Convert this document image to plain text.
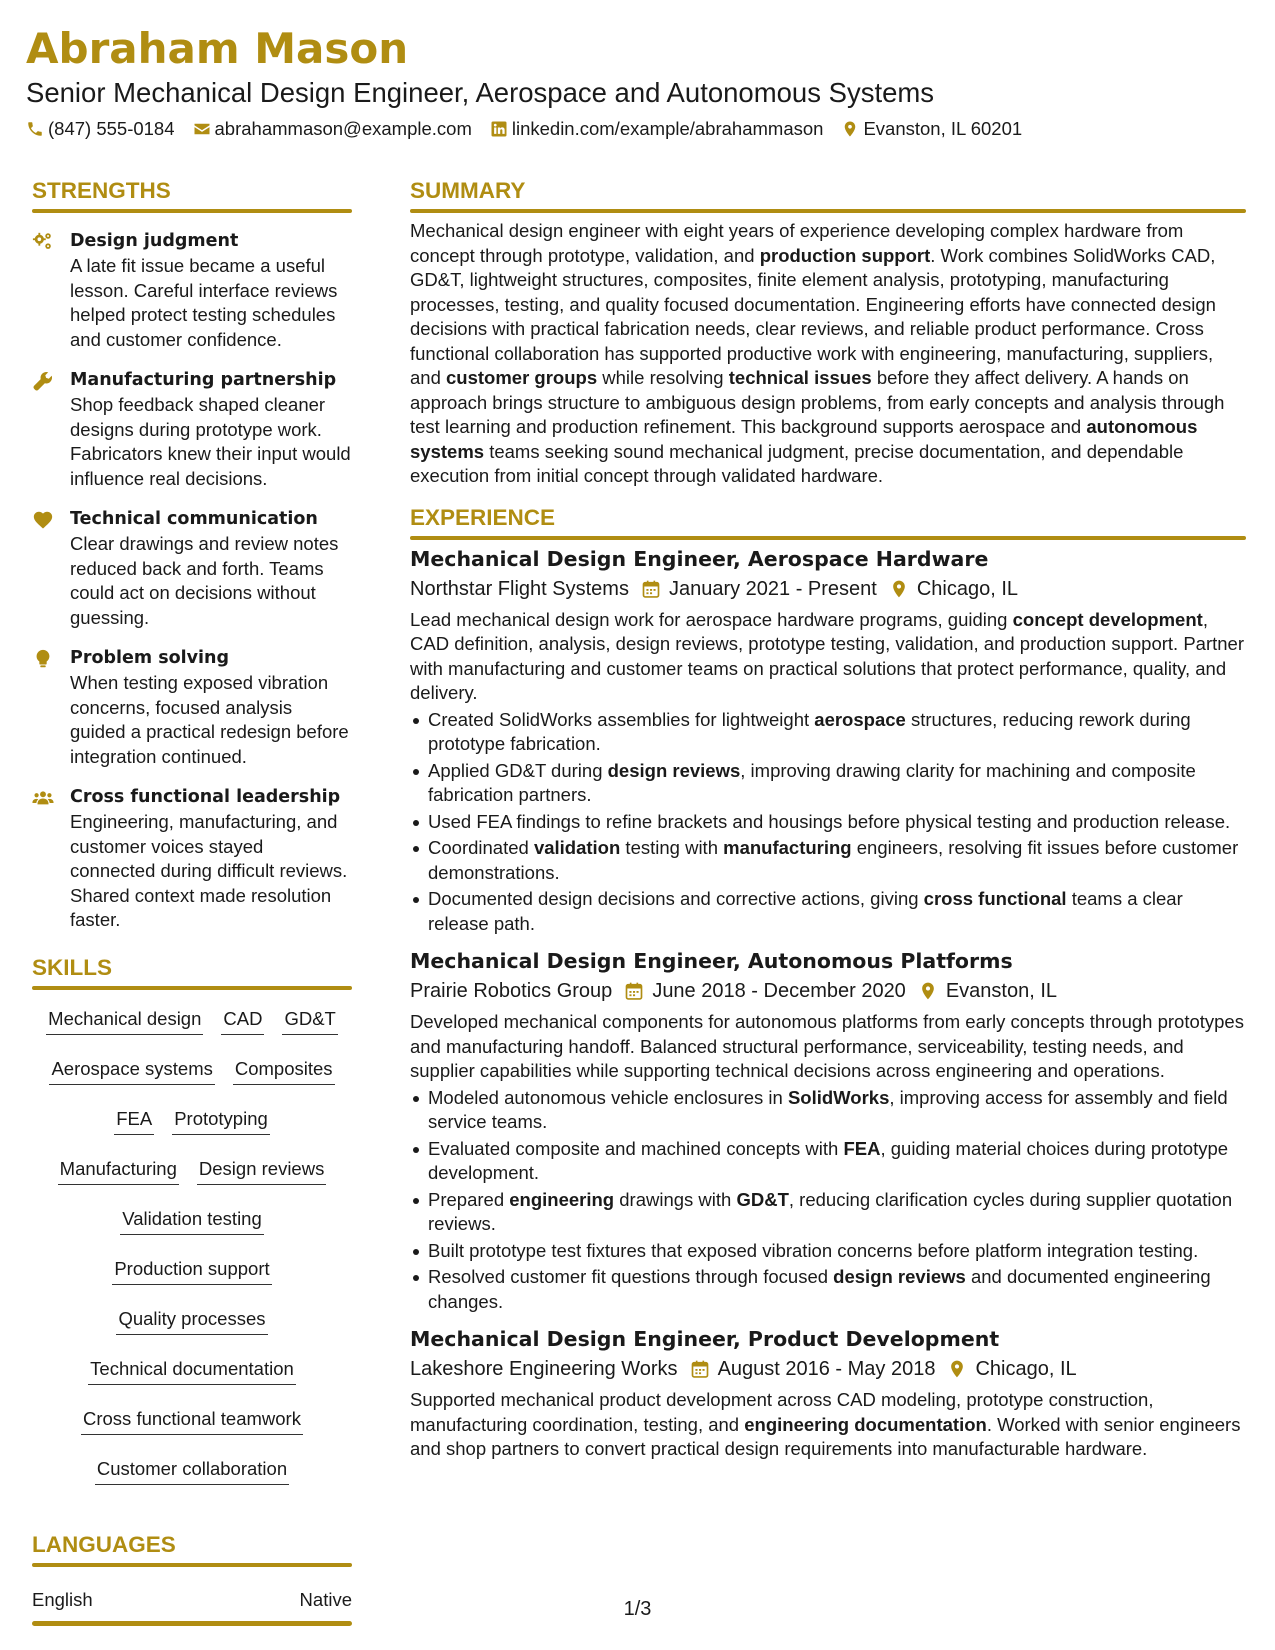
Abraham Mason
Senior Mechanical Design Engineer, Aerospace and Autonomous Systems
(847) 555-0184 abrahammason@example.com linkedin.com/example/abrahammason Evanston, IL 60201
STRENGTHS
Design judgment
A late fit issue became a useful lesson. Careful interface reviews helped protect testing schedules and customer confidence.
Manufacturing partnership
Shop feedback shaped cleaner designs during prototype work. Fabricators knew their input would influence real decisions.
Technical communication
Clear drawings and review notes reduced back and forth. Teams could act on decisions without guessing.
Problem solving
When testing exposed vibration concerns, focused analysis guided a practical redesign before integration continued.
Cross functional leadership
Engineering, manufacturing, and customer voices stayed connected during difficult reviews. Shared context made resolution faster.
SKILLS
Mechanical design CAD GD&T
Aerospace systems Composites
FEA Prototyping
Manufacturing Design reviews
Validation testing
Production support
Quality processes
Technical documentation
Cross functional teamwork
Customer collaboration
LANGUAGES
English	Native
SUMMARY
Mechanical design engineer with eight years of experience developing complex hardware from concept through prototype, validation, and production support. Work combines SolidWorks CAD, GD&T, lightweight structures, composites, finite element analysis, prototyping, manufacturing processes, testing, and quality focused documentation. Engineering efforts have connected design decisions with practical fabrication needs, clear reviews, and reliable product performance. Cross functional collaboration has supported productive work with engineering, manufacturing, suppliers, and customer groups while resolving technical issues before they affect delivery. A hands on approach brings structure to ambiguous design problems, from early concepts and analysis through test learning and production refinement. This background supports aerospace and autonomous systems teams seeking sound mechanical judgment, precise documentation, and dependable execution from initial concept through validated hardware.
EXPERIENCE
Mechanical Design Engineer, Aerospace Hardware
Northstar Flight Systems January 2021 - Present Chicago, IL
Lead mechanical design work for aerospace hardware programs, guiding concept development, CAD definition, analysis, design reviews, prototype testing, validation, and production support. Partner with manufacturing and customer teams on practical solutions that protect performance, quality, and delivery.
Created SolidWorks assemblies for lightweight aerospace structures, reducing rework during prototype fabrication.
Applied GD&T during design reviews, improving drawing clarity for machining and composite fabrication partners.
Used FEA findings to refine brackets and housings before physical testing and production release.
Coordinated validation testing with manufacturing engineers, resolving fit issues before customer demonstrations.
Documented design decisions and corrective actions, giving cross functional teams a clear release path.
Mechanical Design Engineer, Autonomous Platforms
Prairie Robotics Group June 2018 - December 2020 Evanston, IL
Developed mechanical components for autonomous platforms from early concepts through prototypes and manufacturing handoff. Balanced structural performance, serviceability, testing needs, and supplier capabilities while supporting technical decisions across engineering and operations.
Modeled autonomous vehicle enclosures in SolidWorks, improving access for assembly and field service teams.
Evaluated composite and machined concepts with FEA, guiding material choices during prototype development.
Prepared engineering drawings with GD&T, reducing clarification cycles during supplier quotation reviews.
Built prototype test fixtures that exposed vibration concerns before platform integration testing.
Resolved customer fit questions through focused design reviews and documented engineering changes.
Mechanical Design Engineer, Product Development
Lakeshore Engineering Works August 2016 - May 2018 Chicago, IL
Supported mechanical product development across CAD modeling, prototype construction, manufacturing coordination, testing, and engineering documentation. Worked with senior engineers and shop partners to convert practical design requirements into manufacturable hardware.
1/3
